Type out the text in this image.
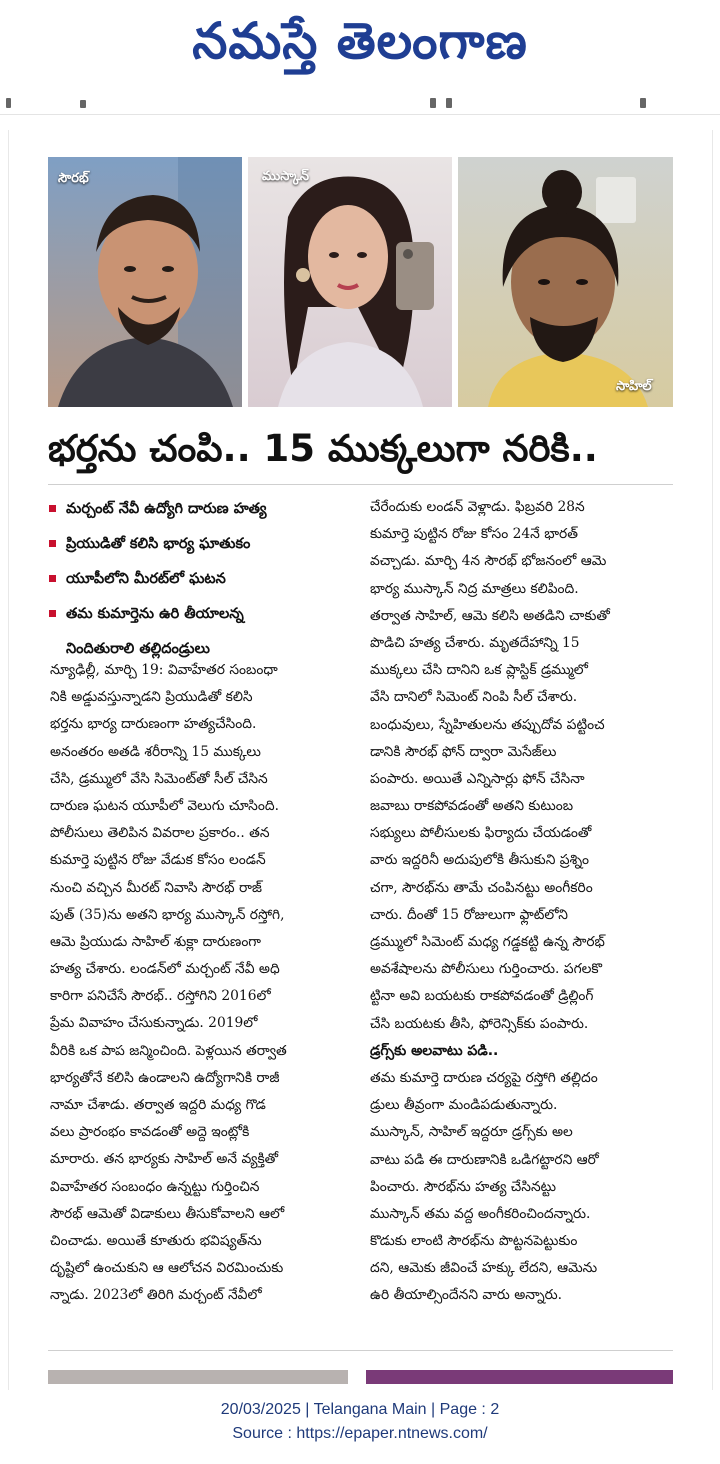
నమస్తే తెలంగాణ
సౌరభ్	ముస్కాన్
సాహిల్
భర్తను చంపి.. 15 ముక్కలుగా నరికి..
మర్చంట్ నేవీ ఉద్యోగి దారుణ హత్య
ప్రియుడితో కలిసి భార్య ఘాతుకం
యూపీలోని మీరట్‌లో ఘటన
తమ కుమార్తెను ఉరి తీయాలన్న
నిందితురాలి తల్లిదండ్రులు
న్యూఢిల్లీ, మార్చి 19: వివాహేతర సంబంధా
నికి అడ్డువస్తున్నాడని ప్రియుడితో కలిసి
భర్తను భార్య దారుణంగా హత్యచేసింది.
అనంతరం అతడి శరీరాన్ని 15 ముక్కలు
చేసి, డ్రమ్ములో వేసి సిమెంట్‌తో సీల్ చేసిన
దారుణ ఘటన యూపీలో వెలుగు చూసింది.
పోలీసులు తెలిపిన వివరాల ప్రకారం.. తన
కుమార్తె పుట్టిన రోజు వేడుక కోసం లండన్
నుంచి వచ్చిన మీరట్ నివాసి సౌరభ్ రాజ్
పుత్ (35)ను అతని భార్య ముస్కాన్ రస్తోగి,
ఆమె ప్రియుడు సాహిల్ శుక్లా దారుణంగా
హత్య చేశారు. లండన్‌లో మర్చంట్ నేవీ అధి
కారిగా పనిచేసే సౌరభ్.. రస్తోగిని 2016లో
ప్రేమ వివాహం చేసుకున్నాడు. 2019లో
వీరికి ఒక పాప జన్మించింది. పెళ్లయిన తర్వాత
భార్యతోనే కలిసి ఉండాలని ఉద్యోగానికి రాజీ
నామా చేశాడు. తర్వాత ఇద్దరి మధ్య గొడ
వలు ప్రారంభం కావడంతో అద్దె ఇంట్లోకి
మారారు. తన భార్యకు సాహిల్ అనే వ్యక్తితో
వివాహేతర సంబంధం ఉన్నట్టు గుర్తించిన
సౌరభ్ ఆమెతో విడాకులు తీసుకోవాలని ఆలో
చించాడు. అయితే కూతురు భవిష్యత్‌ను
దృష్టిలో ఉంచుకుని ఆ ఆలోచన విరమించుకు
న్నాడు. 2023లో తిరిగి మర్చంట్ నేవీలో
చేరేందుకు లండన్ వెళ్లాడు. ఫిబ్రవరి 28న
కుమార్తె పుట్టిన రోజు కోసం 24నే భారత్
వచ్చాడు. మార్చి 4న సౌరభ్ భోజనంలో ఆమె
భార్య ముస్కాన్ నిద్ర మాత్రలు కలిపింది.
తర్వాత సాహిల్, ఆమె కలిసి అతడిని చాకుతో
పొడిచి హత్య చేశారు. మృతదేహాన్ని 15
ముక్కలు చేసి దానిని ఒక ప్లాస్టిక్ డ్రమ్ములో
వేసి దానిలో సిమెంట్ నింపి సీల్ చేశారు.
బంధువులు, స్నేహితులను తప్పుదోవ పట్టించ
డానికి సౌరభ్ ఫోన్ ద్వారా మెసేజ్‌లు
పంపారు. అయితే ఎన్నిసార్లు ఫోన్ చేసినా
జవాబు రాకపోవడంతో అతని కుటుంబ
సభ్యులు పోలీసులకు ఫిర్యాదు చేయడంతో
వారు ఇద్దరినీ అదుపులోకి తీసుకుని ప్రశ్నిం
చగా, సౌరభ్‌ను తామే చంపినట్టు అంగీకరిం
చారు. దీంతో 15 రోజులుగా ఫ్లాట్‌లోని
డ్రమ్ములో సిమెంట్ మధ్య గడ్డకట్టి ఉన్న సౌరభ్
అవశేషాలను పోలీసులు గుర్తించారు. పగలకొ
ట్టినా అవి బయటకు రాకపోవడంతో డ్రిల్లింగ్
చేసి బయటకు తీసి, ఫోరెన్సిక్‌కు పంపారు.
డ్రగ్స్‌కు అలవాటు పడి..
తమ కుమార్తె దారుణ చర్యపై రస్తోగి తల్లిదం
డ్రులు తీవ్రంగా మండిపడుతున్నారు.
ముస్కాన్, సాహిల్ ఇద్దరూ డ్రగ్స్‌కు అల
వాటు పడి ఈ దారుణానికి ఒడిగట్టారని ఆరో
పించారు. సౌరభ్‌ను హత్య చేసినట్టు
ముస్కాన్ తమ వద్ద అంగీకరించిందన్నారు.
కొడుకు లాంటి సౌరభ్‌ను పొట్టనపెట్టుకుం
దని, ఆమెకు జీవించే హక్కు లేదని, ఆమెను
ఉరి తీయాల్సిందేనని వారు అన్నారు.
20/03/2025 | Telangana Main | Page : 2
Source : https://epaper.ntnews.com/
